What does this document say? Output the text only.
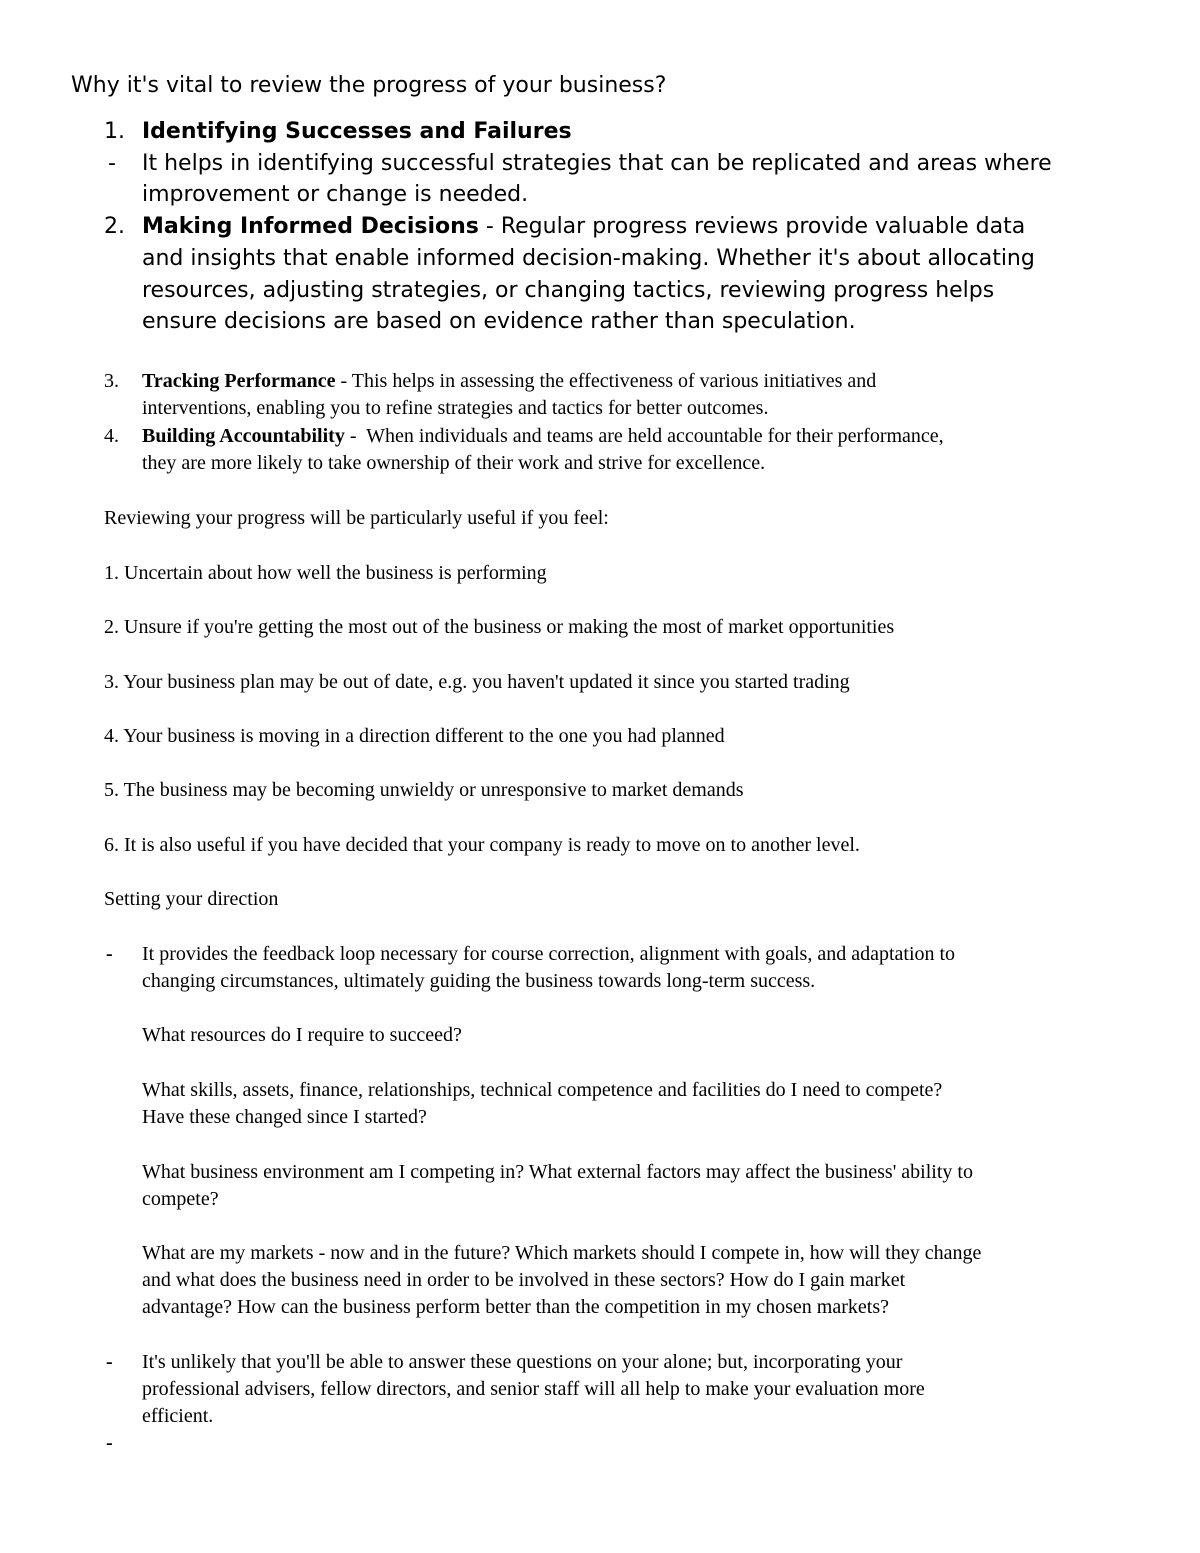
Why it's vital to review the progress of your business?
1. Identifying Successes and Failures
- It helps in identifying successful strategies that can be replicated and areas where
improvement or change is needed.
2. Making Informed Decisions - Regular progress reviews provide valuable data
and insights that enable informed decision-making. Whether it's about allocating
resources, adjusting strategies, or changing tactics, reviewing progress helps
ensure decisions are based on evidence rather than speculation.
3. Tracking Performance - This helps in assessing the effectiveness of various initiatives and
interventions, enabling you to refine strategies and tactics for better outcomes.
4. Building Accountability -  When individuals and teams are held accountable for their performance,
they are more likely to take ownership of their work and strive for excellence.
Reviewing your progress will be particularly useful if you feel:
1. Uncertain about how well the business is performing
2. Unsure if you're getting the most out of the business or making the most of market opportunities
3. Your business plan may be out of date, e.g. you haven't updated it since you started trading
4. Your business is moving in a direction different to the one you had planned
5. The business may be becoming unwieldy or unresponsive to market demands
6. It is also useful if you have decided that your company is ready to move on to another level.
Setting your direction
- It provides the feedback loop necessary for course correction, alignment with goals, and adaptation to
changing circumstances, ultimately guiding the business towards long-term success.
What resources do I require to succeed?
What skills, assets, finance, relationships, technical competence and facilities do I need to compete?
Have these changed since I started?
What business environment am I competing in? What external factors may affect the business' ability to
compete?
What are my markets - now and in the future? Which markets should I compete in, how will they change
and what does the business need in order to be involved in these sectors? How do I gain market
advantage? How can the business perform better than the competition in my chosen markets?
- It's unlikely that you'll be able to answer these questions on your alone; but, incorporating your
professional advisers, fellow directors, and senior staff will all help to make your evaluation more
efficient.
-
